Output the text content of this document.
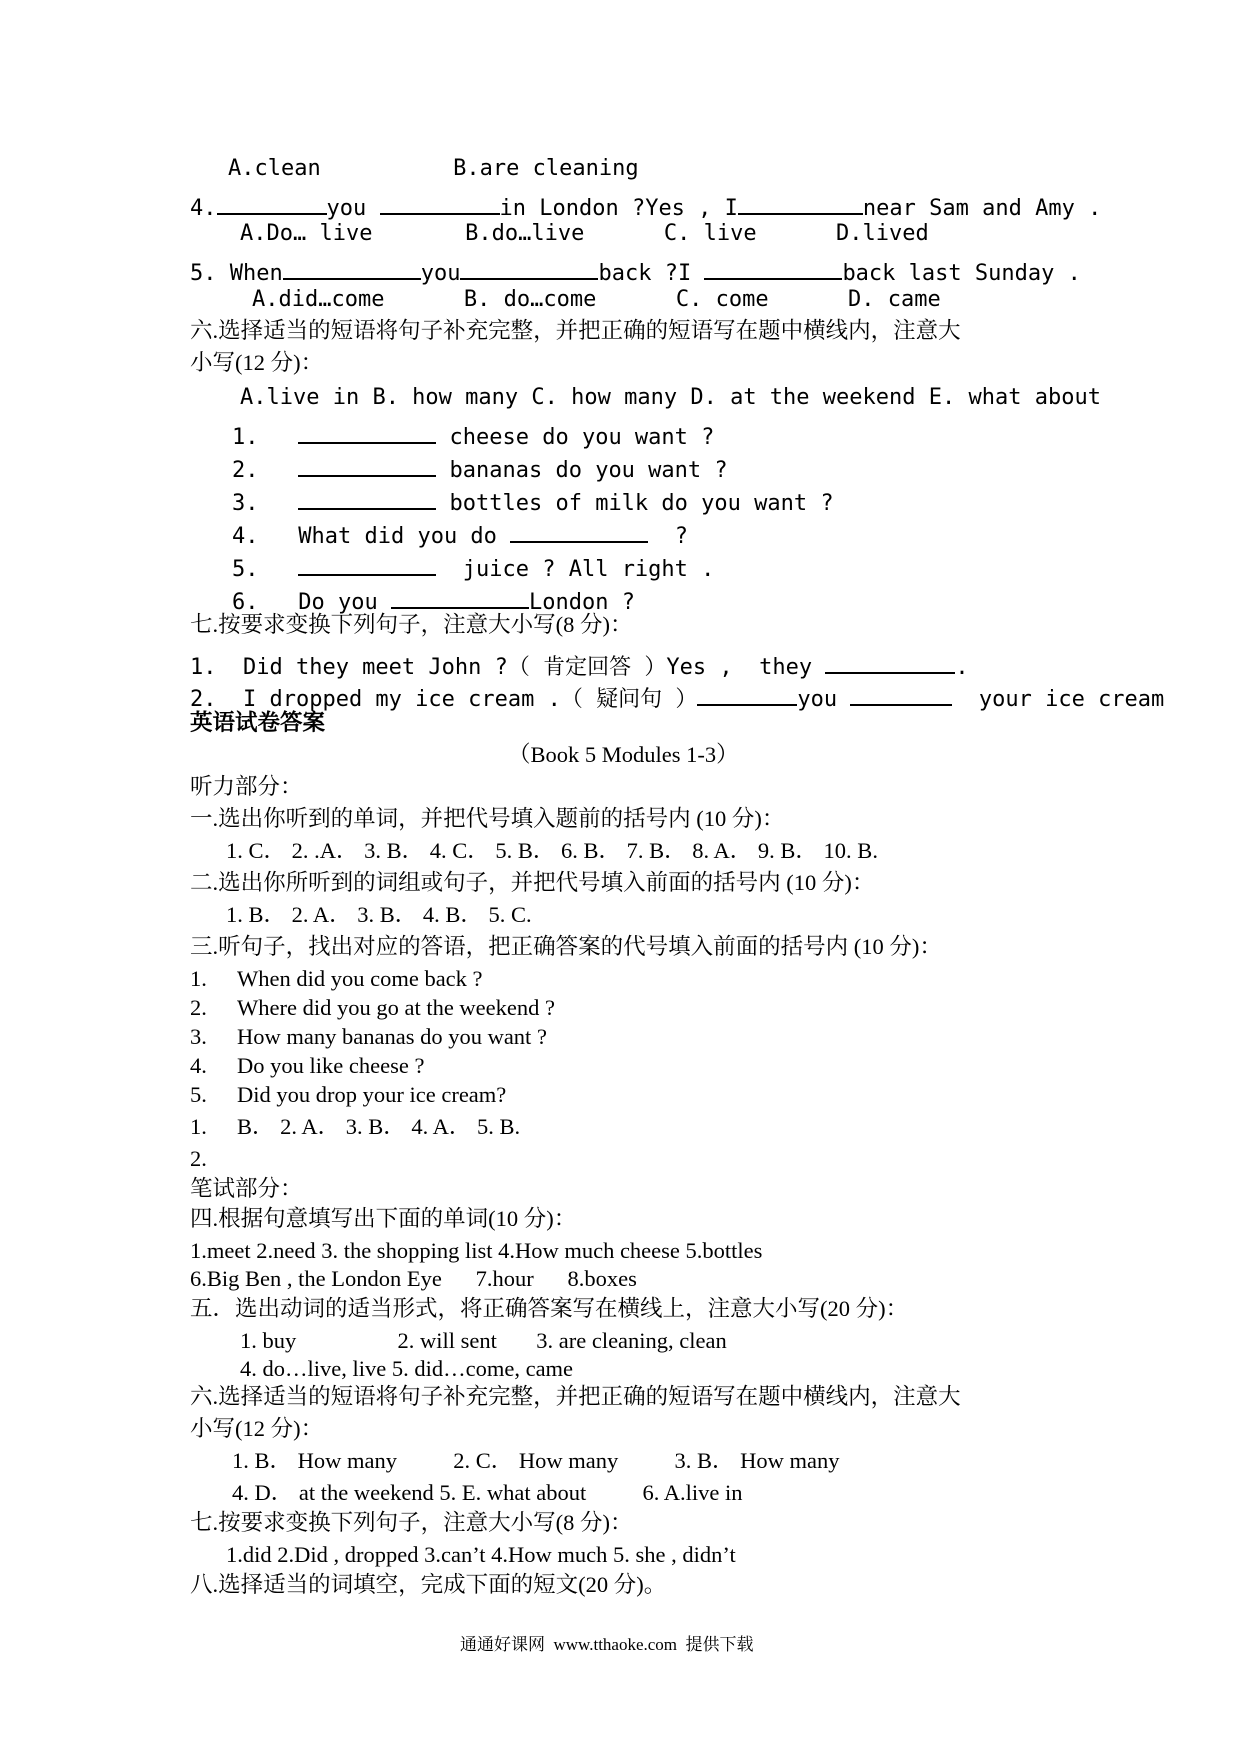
A.clean          B.are cleaning
4.	you	in London ?Yes , I	near Sam and Amy .
A.Do… live       B.do…live      C. live      D.lived
5. When	you	back ?I	back last Sunday .
A.did…come      B. do…come      C. come      D. came
六.选择适当的短语将句子补充完整，并把正确的短语写在题中横线内，注意大
小写(12 分)：
A.live in B. how many C. how many D. at the weekend E. what about
1.	cheese do you want ?
2.	bananas do you want ?
3.	bottles of milk do you want ?
4. What did you do	?
5.	juice ? All right .
6. Do you	London ?
七.按要求变换下列句子，注意大小写(8 分)：
1.  Did they meet John ?（ 肯定回答 ）Yes ,  they	.
2.  I dropped my ice cream .（ 疑问句 ）	you	your ice cream
英语试卷答案
（Book 5 Modules 1-3）
听力部分：
一.选出你听到的单词，并把代号填入题前的括号内 (10 分)：
1. C． 2. .A． 3. B． 4. C． 5. B． 6. B． 7. B． 8. A． 9. B． 10. B.
二.选出你所听到的词组或句子，并把代号填入前面的括号内 (10 分)：
1. B． 2. A． 3. B． 4. B． 5. C.
三.听句子，找出对应的答语，把正确答案的代号填入前面的括号内 (10 分)：
1. When did you come back ?
2. Where did you go at the weekend ?
3. How many bananas do you want ?
4. Do you like cheese ?
5. Did you drop your ice cream?
1. B． 2. A． 3. B． 4. A． 5. B.
2.
笔试部分：
四.根据句意填写出下面的单词(10 分)：
1.meet 2.need 3. the shopping list 4.How much cheese 5.bottles
6.Big Ben , the London Eye      7.hour      8.boxes
五．选出动词的适当形式，将正确答案写在横线上，注意大小写(20 分)：
1. buy                  2. will sent       3. are cleaning, clean
4. do…live, live 5. did…come, came
六.选择适当的短语将句子补充完整，并把正确的短语写在题中横线内，注意大
小写(12 分)：
1. B． How many          2. C． How many          3. B． How many
4. D． at the weekend 5. E. what about          6. A.live in
七.按要求变换下列句子，注意大小写(8 分)：
1.did 2.Did , dropped 3.can’t 4.How much 5. she , didn’t
八.选择适当的词填空，完成下面的短文(20 分)。
通通好课网  www.tthaoke.com  提供下载
